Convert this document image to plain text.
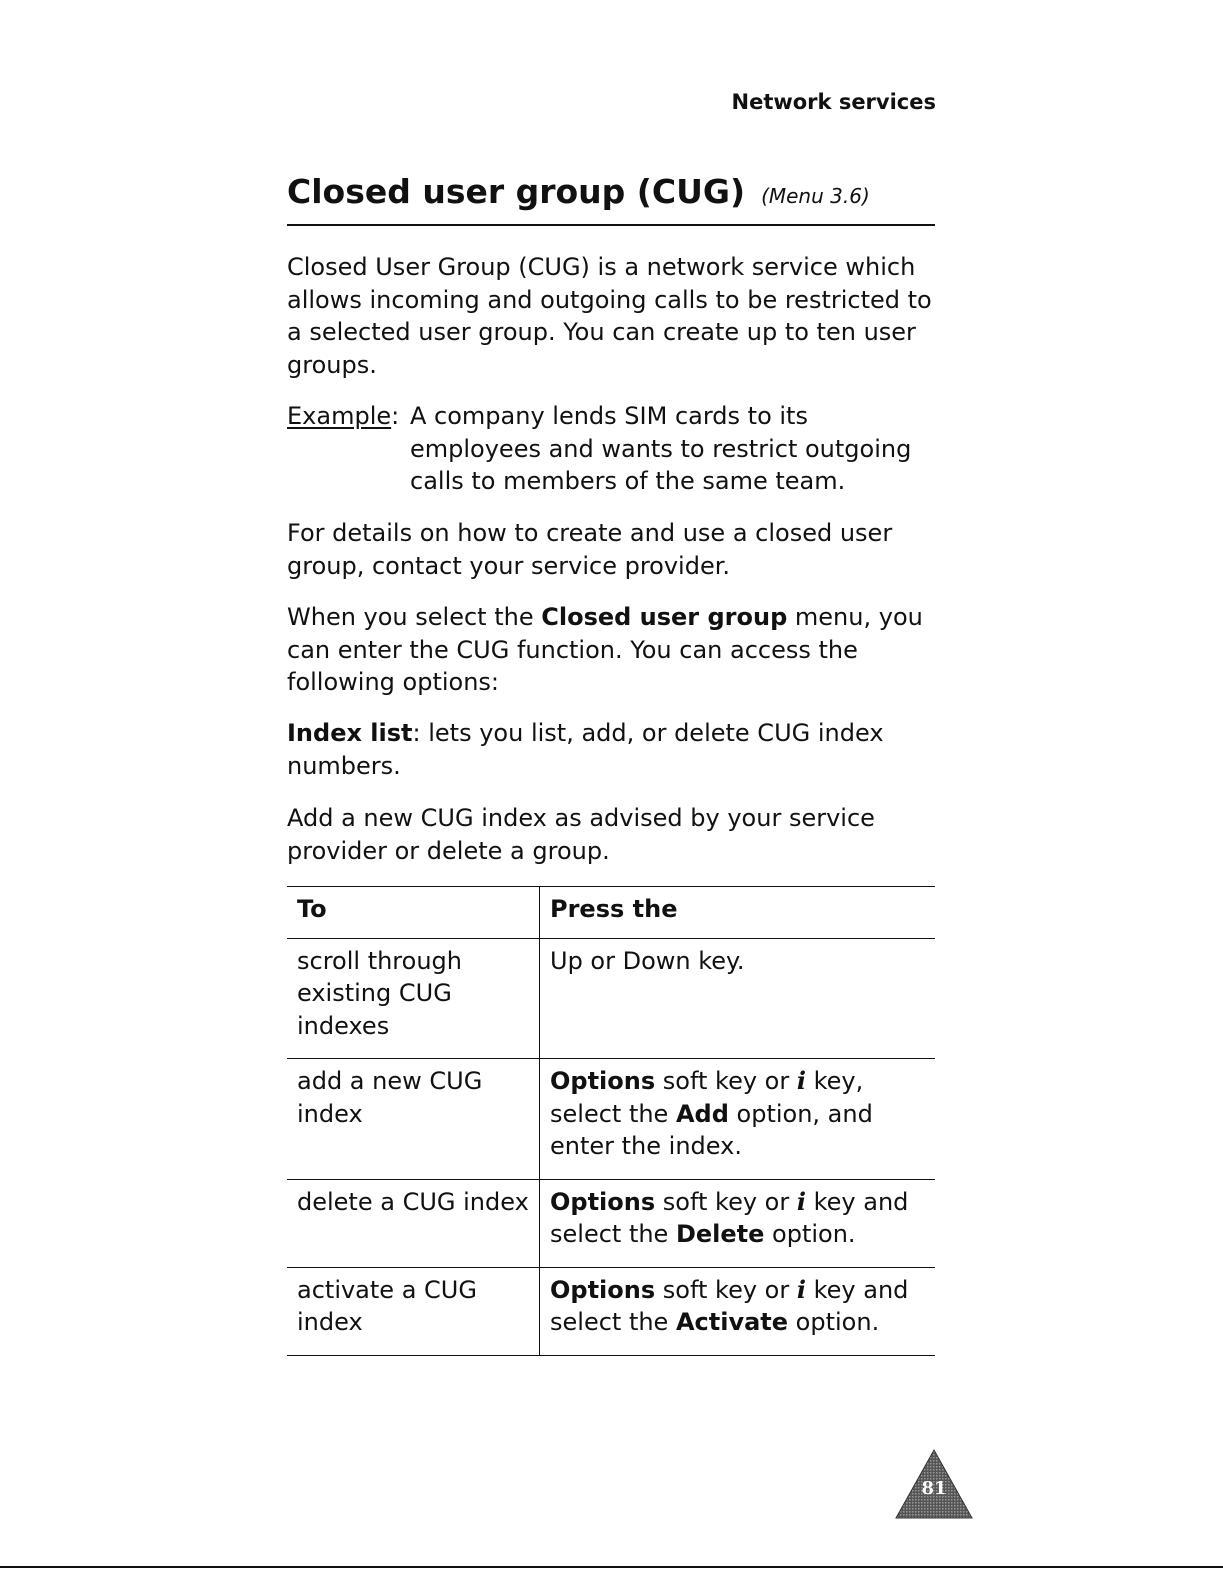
Network services
Closed user group (CUG) (Menu 3.6)

Closed User Group (CUG) is a network service which allows incoming and outgoing calls to be restricted to a selected user group. You can create up to ten user groups.

Example: A company lends SIM cards to its employees and wants to restrict outgoing calls to members of the same team.

For details on how to create and use a closed user group, contact your service provider.

When you select the Closed user group menu, you can enter the CUG function. You can access the following options:

Index list: lets you list, add, or delete CUG index numbers.

Add a new CUG index as advised by your service provider or delete a group.

To	Press the
scroll through existing CUG indexes	Up or Down key.
add a new CUG index	Options soft key or i key, select the Add option, and enter the index.
delete a CUG index	Options soft key or i key and select the Delete option.
activate a CUG index	Options soft key or i key and select the Activate option.
81
